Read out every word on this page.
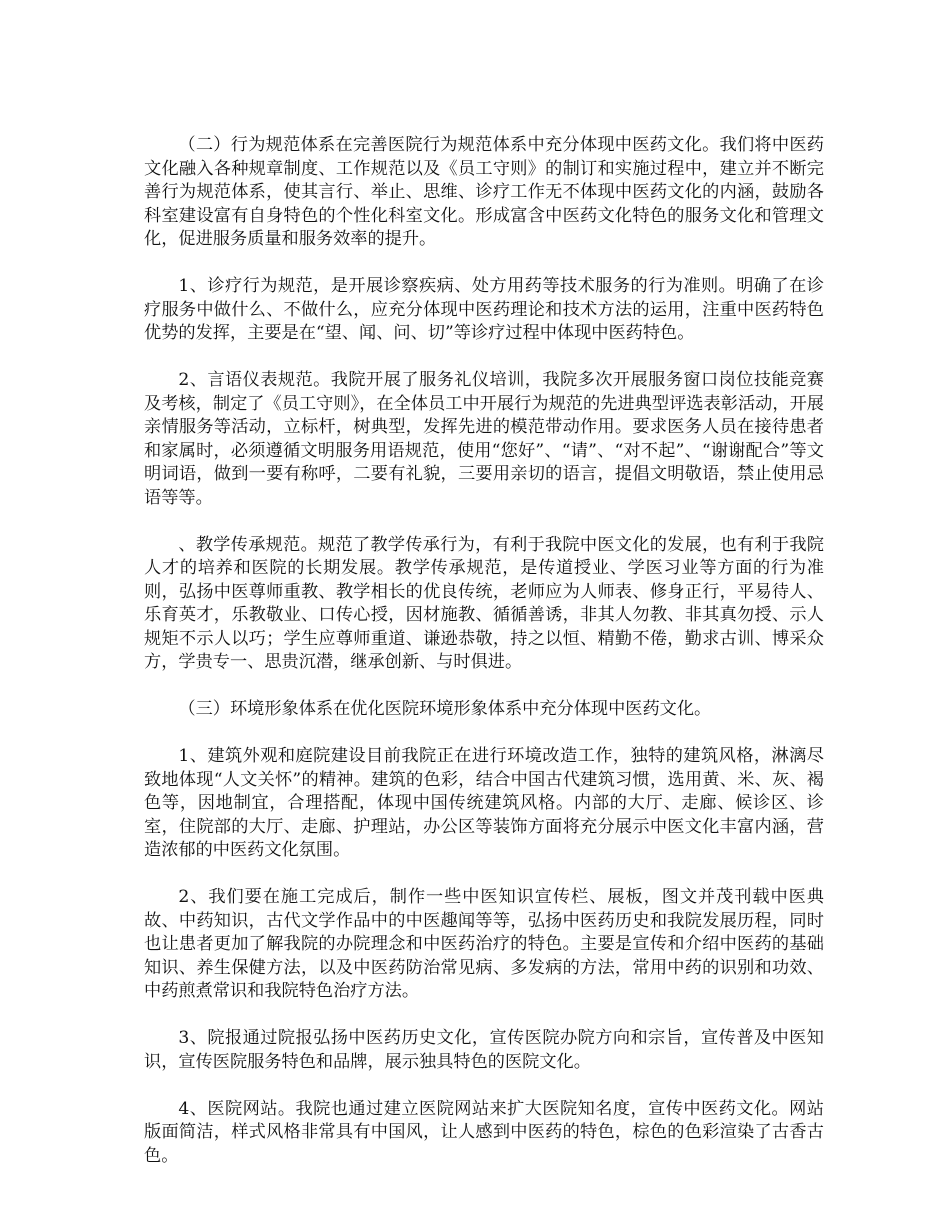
（二）行为规范体系在完善医院行为规范体系中充分体现中医药文化。我们将中医药文化融入各种规章制度、工作规范以及《员工守则》的制订和实施过程中，建立并不断完善行为规范体系，使其言行、举止、思维、诊疗工作无不体现中医药文化的内涵，鼓励各科室建设富有自身特色的个性化科室文化。形成富含中医药文化特色的服务文化和管理文化，促进服务质量和服务效率的提升。

1、诊疗行为规范，是开展诊察疾病、处方用药等技术服务的行为准则。明确了在诊疗服务中做什么、不做什么，应充分体现中医药理论和技术方法的运用，注重中医药特色优势的发挥，主要是在“望、闻、问、切”等诊疗过程中体现中医药特色。

2、言语仪表规范。我院开展了服务礼仪培训，我院多次开展服务窗口岗位技能竞赛及考核，制定了《员工守则》，在全体员工中开展行为规范的先进典型评选表彰活动，开展亲情服务等活动，立标杆，树典型，发挥先进的模范带动作用。要求医务人员在接待患者和家属时，必须遵循文明服务用语规范，使用“您好”、“请”、“对不起”、“谢谢配合”等文明词语，做到一要有称呼，二要有礼貌，三要用亲切的语言，提倡文明敬语，禁止使用忌语等等。

、教学传承规范。规范了教学传承行为，有利于我院中医文化的发展，也有利于我院人才的培养和医院的长期发展。教学传承规范，是传道授业、学医习业等方面的行为准则，弘扬中医尊师重教、教学相长的优良传统，老师应为人师表、修身正行，平易待人、乐育英才，乐教敬业、口传心授，因材施教、循循善诱，非其人勿教、非其真勿授、示人规矩不示人以巧；学生应尊师重道、谦逊恭敬，持之以恒、精勤不倦，勤求古训、博采众方，学贵专一、思贵沉潜，继承创新、与时俱进。

（三）环境形象体系在优化医院环境形象体系中充分体现中医药文化。

1、建筑外观和庭院建设目前我院正在进行环境改造工作，独特的建筑风格，淋漓尽致地体现“人文关怀”的精神。建筑的色彩，结合中国古代建筑习惯，选用黄、米、灰、褐色等，因地制宜，合理搭配，体现中国传统建筑风格。内部的大厅、走廊、候诊区、诊室，住院部的大厅、走廊、护理站，办公区等装饰方面将充分展示中医文化丰富内涵，营造浓郁的中医药文化氛围。

2、我们要在施工完成后，制作一些中医知识宣传栏、展板，图文并茂刊载中医典故、中药知识，古代文学作品中的中医趣闻等等，弘扬中医药历史和我院发展历程，同时也让患者更加了解我院的办院理念和中医药治疗的特色。主要是宣传和介绍中医药的基础知识、养生保健方法，以及中医药防治常见病、多发病的方法，常用中药的识别和功效、中药煎煮常识和我院特色治疗方法。

3、院报通过院报弘扬中医药历史文化，宣传医院办院方向和宗旨，宣传普及中医知识，宣传医院服务特色和品牌，展示独具特色的医院文化。

4、医院网站。我院也通过建立医院网站来扩大医院知名度，宣传中医药文化。网站版面简洁，样式风格非常具有中国风，让人感到中医药的特色，棕色的色彩渲染了古香古色。
